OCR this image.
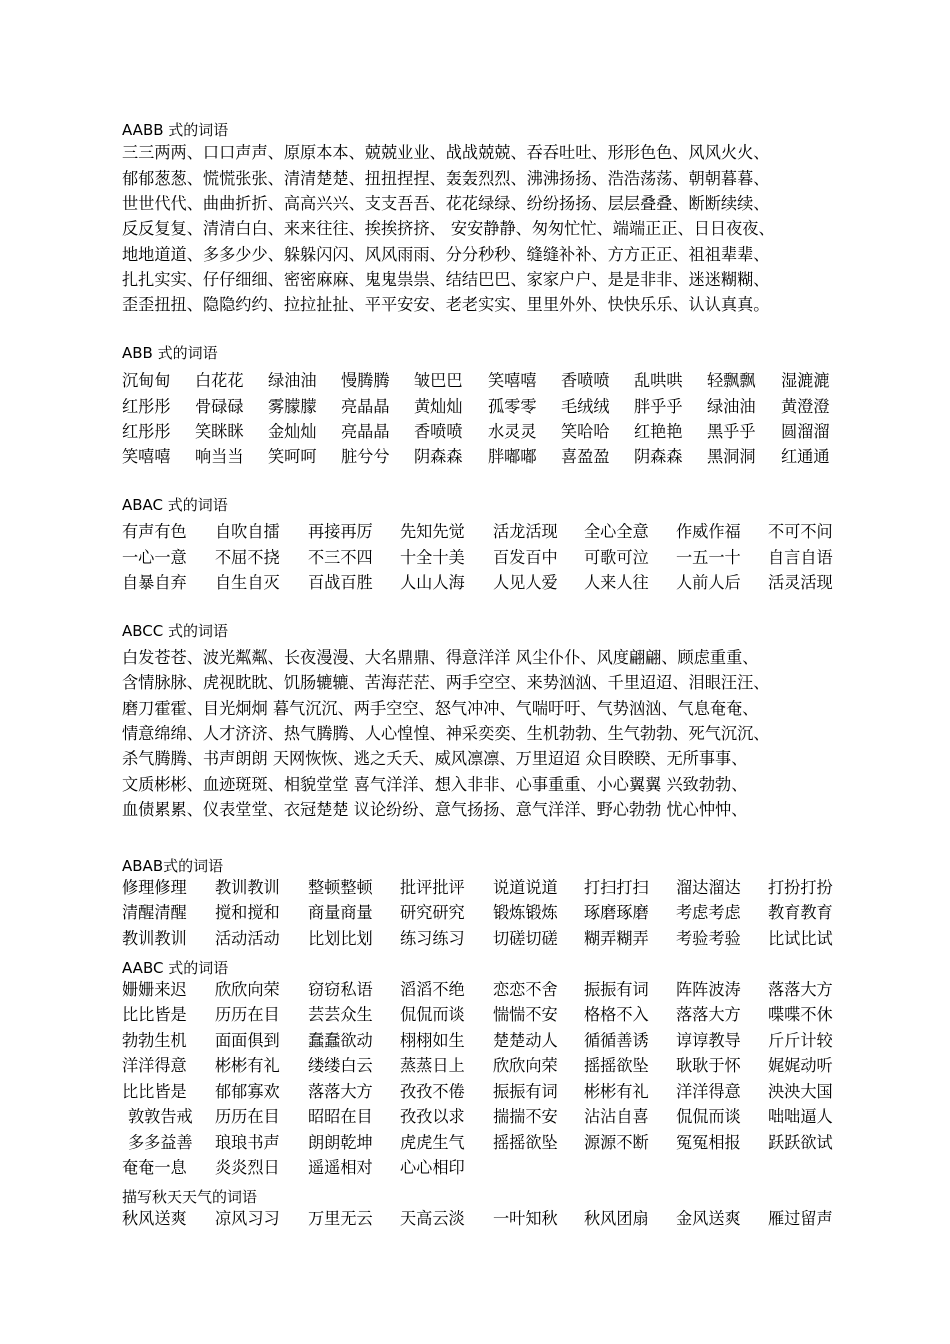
AABB 式的词语
三三两两、口口声声、原原本本、兢兢业业、战战兢兢、吞吞吐吐、形形色色、风风火火、
郁郁葱葱、慌慌张张、清清楚楚、扭扭捏捏、轰轰烈烈、沸沸扬扬、浩浩荡荡、朝朝暮暮、
世世代代、曲曲折折、高高兴兴、支支吾吾、花花绿绿、纷纷扬扬、层层叠叠、断断续续、
反反复复、清清白白、来来往往、挨挨挤挤、 安安静静、匆匆忙忙、端端正正、日日夜夜、
地地道道、多多少少、躲躲闪闪、风风雨雨、分分秒秒、缝缝补补、方方正正、祖祖辈辈、
扎扎实实、仔仔细细、密密麻麻、鬼鬼祟祟、结结巴巴、家家户户、是是非非、迷迷糊糊、
歪歪扭扭、隐隐约约、拉拉扯扯、平平安安、老老实实、里里外外、快快乐乐、认认真真。
ABB 式的词语
沉甸甸 白花花 绿油油 慢腾腾 皱巴巴 笑嘻嘻 香喷喷 乱哄哄 轻飘飘 湿漉漉
红彤彤 骨碌碌 雾朦朦 亮晶晶 黄灿灿 孤零零 毛绒绒 胖乎乎 绿油油 黄澄澄
红彤彤 笑眯眯 金灿灿 亮晶晶 香喷喷 水灵灵 笑哈哈 红艳艳 黑乎乎 圆溜溜
笑嘻嘻 响当当 笑呵呵 脏兮兮 阴森森 胖嘟嘟 喜盈盈 阴森森 黑洞洞 红通通
ABAC 式的词语
有声有色 自吹自擂 再接再厉 先知先觉 活龙活现 全心全意 作威作福 不可不问
一心一意 不屈不挠 不三不四 十全十美 百发百中 可歌可泣 一五一十 自言自语
自暴自弃 自生自灭 百战百胜 人山人海 人见人爱 人来人往 人前人后 活灵活现
ABCC 式的词语
白发苍苍、波光粼粼、长夜漫漫、大名鼎鼎、得意洋洋 风尘仆仆、风度翩翩、顾虑重重、
含情脉脉、虎视眈眈、饥肠辘辘、苦海茫茫、两手空空、来势汹汹、千里迢迢、泪眼汪汪、
磨刀霍霍、目光炯炯 暮气沉沉、两手空空、怒气冲冲、气喘吁吁、气势汹汹、气息奄奄、
情意绵绵、人才济济、热气腾腾、人心惶惶、神采奕奕、生机勃勃、生气勃勃、死气沉沉、
杀气腾腾、书声朗朗 天网恢恢、逃之夭夭、威风凛凛、万里迢迢 众目睽睽、无所事事、
文质彬彬、血迹斑斑、相貌堂堂 喜气洋洋、想入非非、心事重重、小心翼翼 兴致勃勃、
血债累累、仪表堂堂、衣冠楚楚 议论纷纷、意气扬扬、意气洋洋、野心勃勃 忧心忡忡、
ABAB式的词语
修理修理 教训教训 整顿整顿 批评批评 说道说道 打扫打扫 溜达溜达 打扮打扮
清醒清醒 搅和搅和 商量商量 研究研究 锻炼锻炼 琢磨琢磨 考虑考虑 教育教育
教训教训 活动活动 比划比划 练习练习 切磋切磋 糊弄糊弄 考验考验 比试比试
AABC 式的词语
姗姗来迟 欣欣向荣 窃窃私语 滔滔不绝 恋恋不舍 振振有词 阵阵波涛 落落大方
比比皆是 历历在目 芸芸众生 侃侃而谈 惴惴不安 格格不入 落落大方 喋喋不休
勃勃生机 面面俱到 蠢蠢欲动 栩栩如生 楚楚动人 循循善诱 谆谆教导 斤斤计较
洋洋得意 彬彬有礼 缕缕白云 蒸蒸日上 欣欣向荣 摇摇欲坠 耿耿于怀 娓娓动听
比比皆是 郁郁寡欢 落落大方 孜孜不倦 振振有词 彬彬有礼 洋洋得意 泱泱大国
敦敦告戒 历历在目 昭昭在目 孜孜以求 揣揣不安 沾沾自喜 侃侃而谈 咄咄逼人
多多益善 琅琅书声 朗朗乾坤 虎虎生气 摇摇欲坠 源源不断 冤冤相报 跃跃欲试
奄奄一息 炎炎烈日 遥遥相对 心心相印
描写秋天天气的词语
秋风送爽 凉风习习 万里无云 天高云淡 一叶知秋 秋风团扇 金风送爽 雁过留声
